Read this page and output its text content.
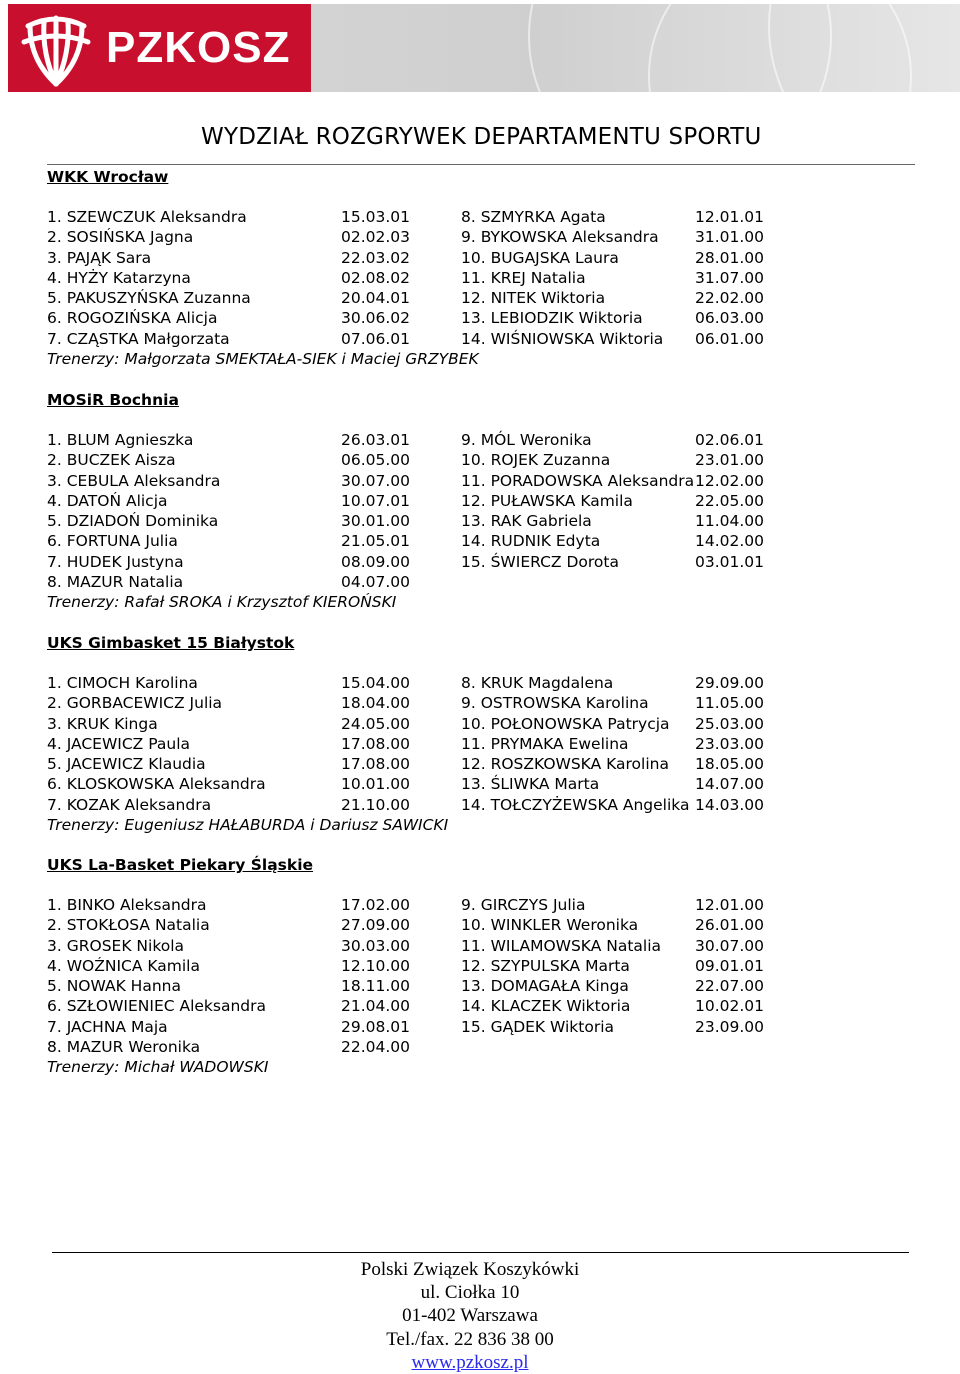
PZKOSZ
WYDZIAŁ ROZGRYWEK DEPARTAMENTU SPORTU
WKK Wrocław
1. SZEWCZUK Aleksandra	15.03.01
2. SOSIŃSKA Jagna	02.02.03
3. PAJĄK Sara	22.03.02
4. HYŻY Katarzyna	02.08.02
5. PAKUSZYŃSKA Zuzanna	20.04.01
6. ROGOZIŃSKA Alicja	30.06.02
7. CZĄSTKA Małgorzata	07.06.01
8. SZMYRKA Agata	12.01.01
9. BYKOWSKA Aleksandra 31.01.00
10. BUGAJSKA Laura	28.01.00
11. KREJ Natalia	31.07.00
12. NITEK Wiktoria	22.02.00
13. LEBIODZIK Wiktoria	06.03.00
14. WIŚNIOWSKA Wiktoria 06.01.00
Trenerzy: Małgorzata SMEKTAŁA-SIEK i Maciej GRZYBEK
MOSiR Bochnia
1. BLUM Agnieszka	26.03.01
2. BUCZEK Aisza	06.05.00
3. CEBULA Aleksandra	30.07.00
4. DATOŃ Alicja	10.07.01
5. DZIADOŃ Dominika	30.01.00
6. FORTUNA Julia	21.05.01
7. HUDEK Justyna	08.09.00
8. MAZUR Natalia	04.07.00
9. MÓL Weronika	02.06.01
10. ROJEK Zuzanna	23.01.00
11. PORADOWSKA Aleksandra 12.02.00
12. PUŁAWSKA Kamila	22.05.00
13. RAK Gabriela	11.04.00
14. RUDNIK Edyta	14.02.00
15. ŚWIERCZ Dorota	03.01.01
Trenerzy: Rafał SROKA i Krzysztof KIEROŃSKI
UKS Gimbasket 15 Białystok
1. CIMOCH Karolina	15.04.00
2. GORBACEWICZ Julia	18.04.00
3. KRUK Kinga	24.05.00
4. JACEWICZ Paula	17.08.00
5. JACEWICZ Klaudia	17.08.00
6. KLOSKOWSKA Aleksandra	10.01.00
7. KOZAK Aleksandra	21.10.00
8. KRUK Magdalena	29.09.00
9. OSTROWSKA Karolina	11.05.00
10. POŁONOWSKA Patrycja 25.03.00
11. PRYMAKA Ewelina	23.03.00
12. ROSZKOWSKA Karolina 18.05.00
13. ŚLIWKA Marta	14.07.00
14. TOŁCZYŻEWSKA Angelika 14.03.00
Trenerzy: Eugeniusz HAŁABURDA i Dariusz SAWICKI
UKS La-Basket Piekary Śląskie
1. BINKO Aleksandra	17.02.00
2. STOKŁOSA Natalia	27.09.00
3. GROSEK Nikola	30.03.00
4. WOŹNICA Kamila	12.10.00
5. NOWAK Hanna	18.11.00
6. SZŁOWIENIEC Aleksandra	21.04.00
7. JACHNA Maja	29.08.01
8. MAZUR Weronika	22.04.00
9. GIRCZYS Julia	12.01.00
10. WINKLER Weronika	26.01.00
11. WILAMOWSKA Natalia 30.07.00
12. SZYPULSKA Marta	09.01.01
13. DOMAGAŁA Kinga	22.07.00
14. KLACZEK Wiktoria	10.02.01
15. GĄDEK Wiktoria	23.09.00
Trenerzy: Michał WADOWSKI
Polski Związek Koszykówki
ul. Ciołka 10
01-402 Warszawa
Tel./fax. 22 836 38 00
www.pzkosz.pl
